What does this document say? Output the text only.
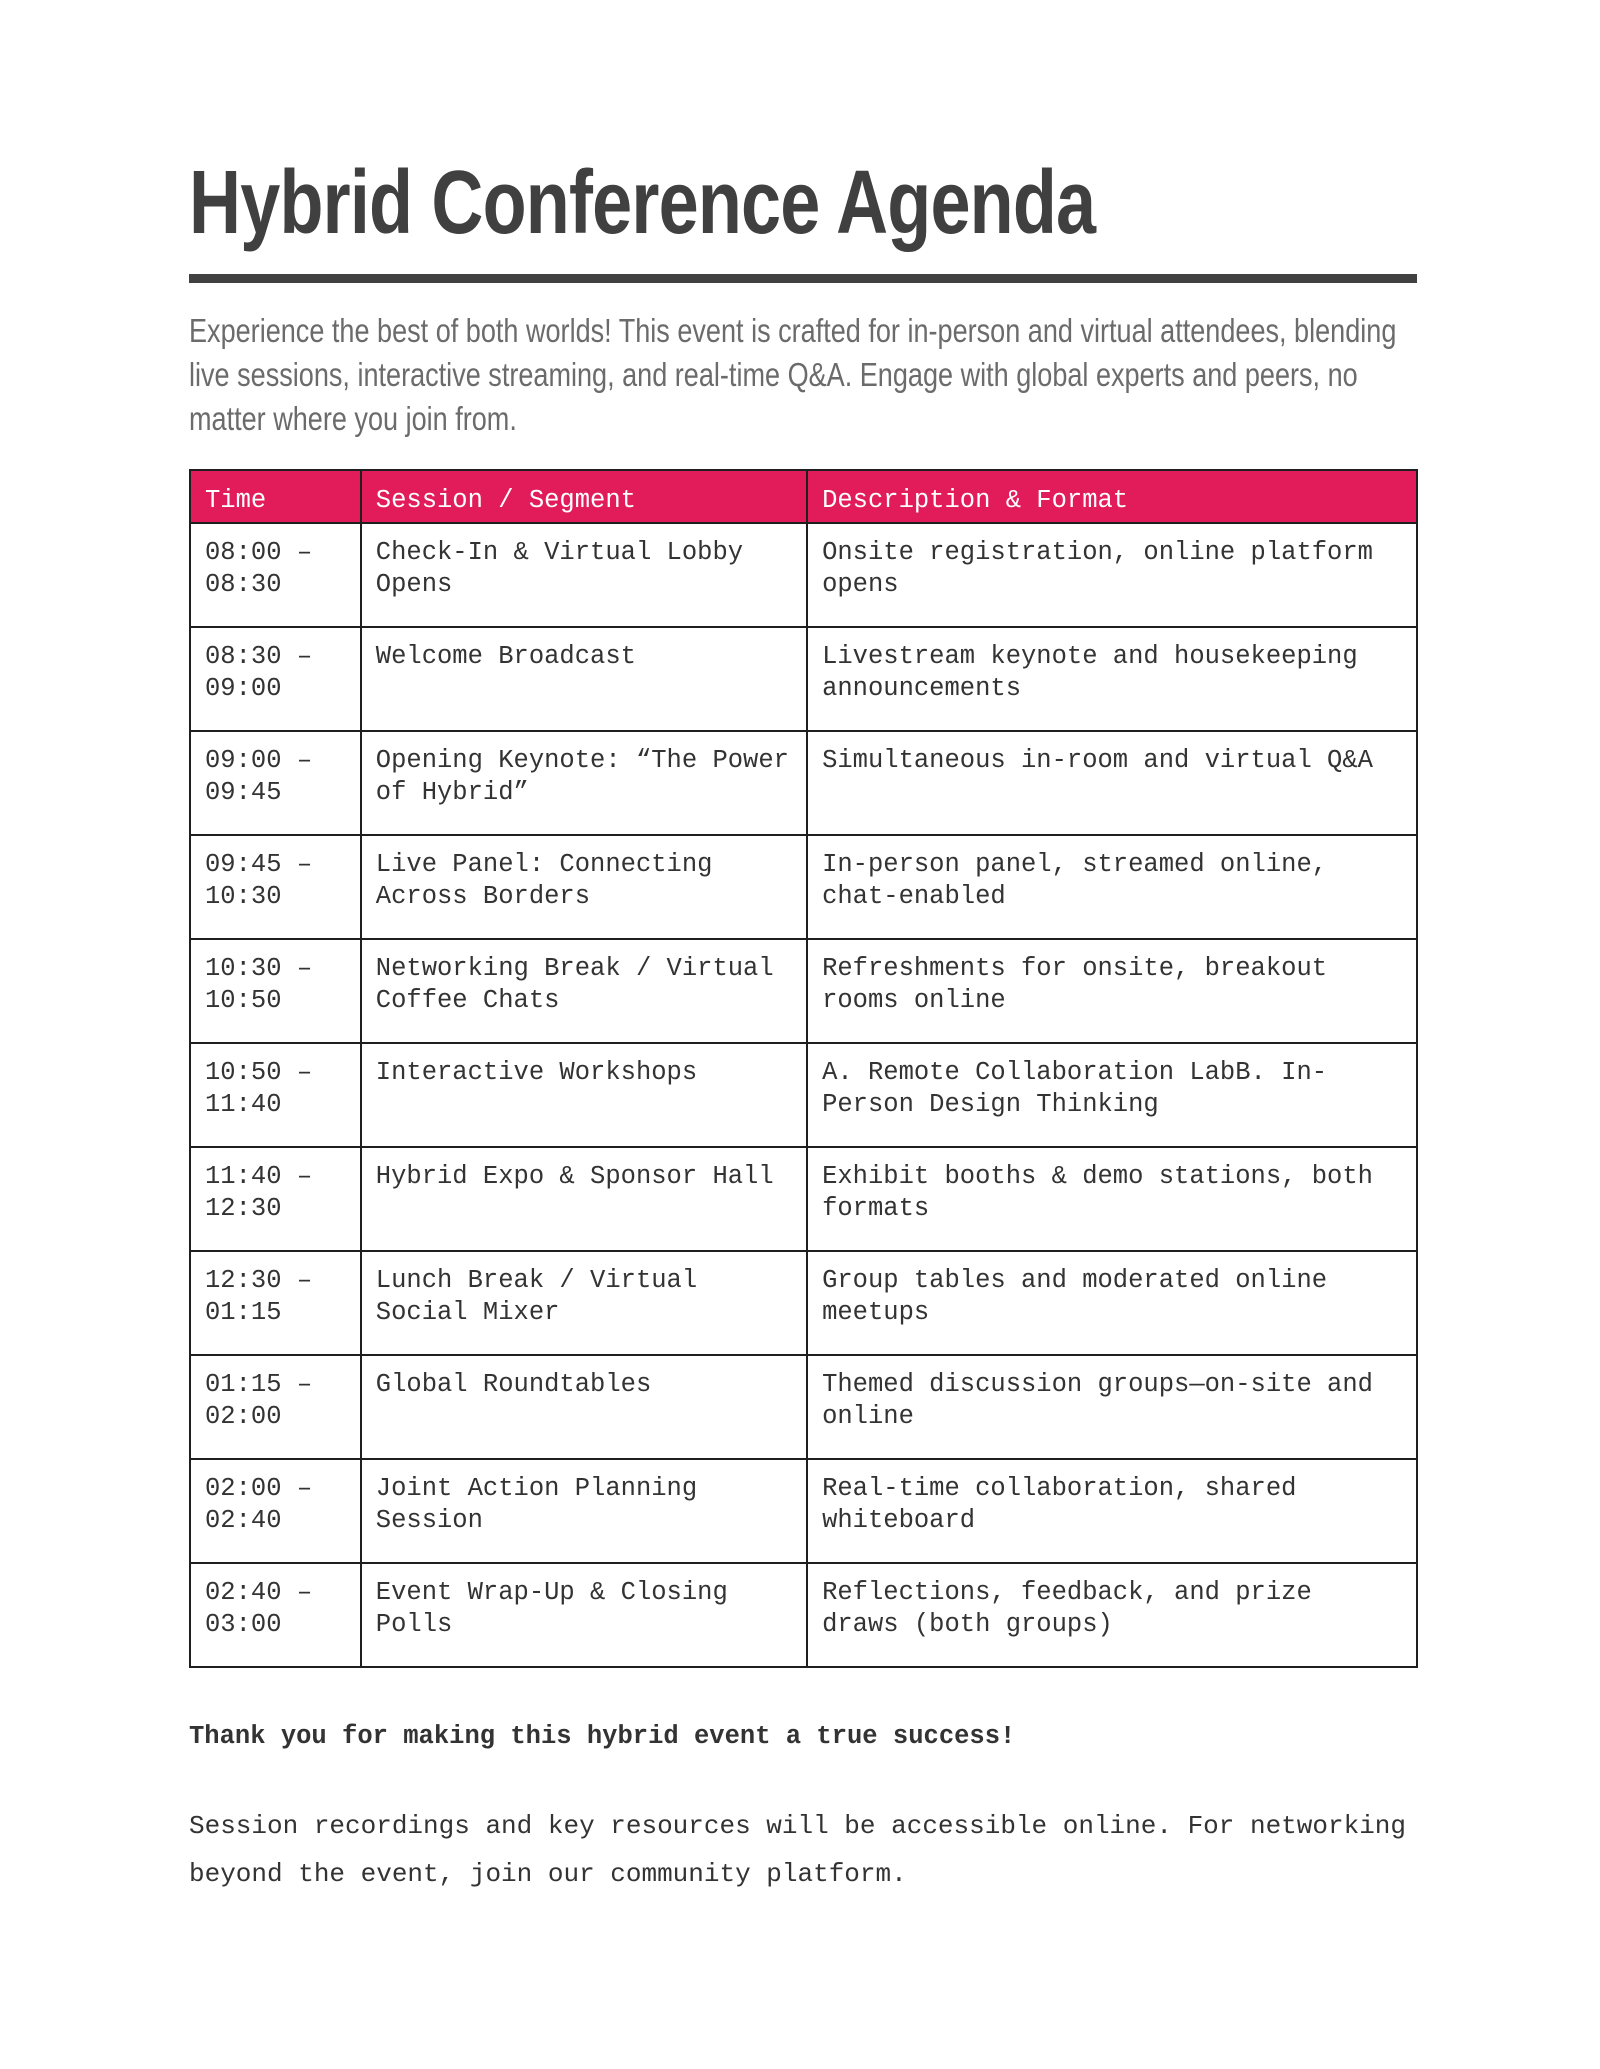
Hybrid Conference Agenda

Experience the best of both worlds! This event is crafted for in-person and virtual attendees, blending live sessions, interactive streaming, and real-time Q&A. Engage with global experts and peers, no matter where you join from.

Time	Session / Segment	Description & Format
08:00 – 08:30	Check-In & Virtual Lobby Opens	Onsite registration, online platform opens
08:30 – 09:00	Welcome Broadcast	Livestream keynote and housekeeping announcements
09:00 – 09:45	Opening Keynote: “The Power of Hybrid”	Simultaneous in-room and virtual Q&A
09:45 – 10:30	Live Panel: Connecting Across Borders	In-person panel, streamed online, chat-enabled
10:30 – 10:50	Networking Break / Virtual Coffee Chats	Refreshments for onsite, breakout rooms online
10:50 – 11:40	Interactive Workshops	A. Remote Collaboration LabB. In-Person Design Thinking
11:40 – 12:30	Hybrid Expo & Sponsor Hall	Exhibit booths & demo stations, both formats
12:30 – 01:15	Lunch Break / Virtual Social Mixer	Group tables and moderated online meetups
01:15 – 02:00	Global Roundtables	Themed discussion groups—on-site and online
02:00 – 02:40	Joint Action Planning Session	Real-time collaboration, shared whiteboard
02:40 – 03:00	Event Wrap-Up & Closing Polls	Reflections, feedback, and prize draws (both groups)

Thank you for making this hybrid event a true success!

Session recordings and key resources will be accessible online. For networking beyond the event, join our community platform.
